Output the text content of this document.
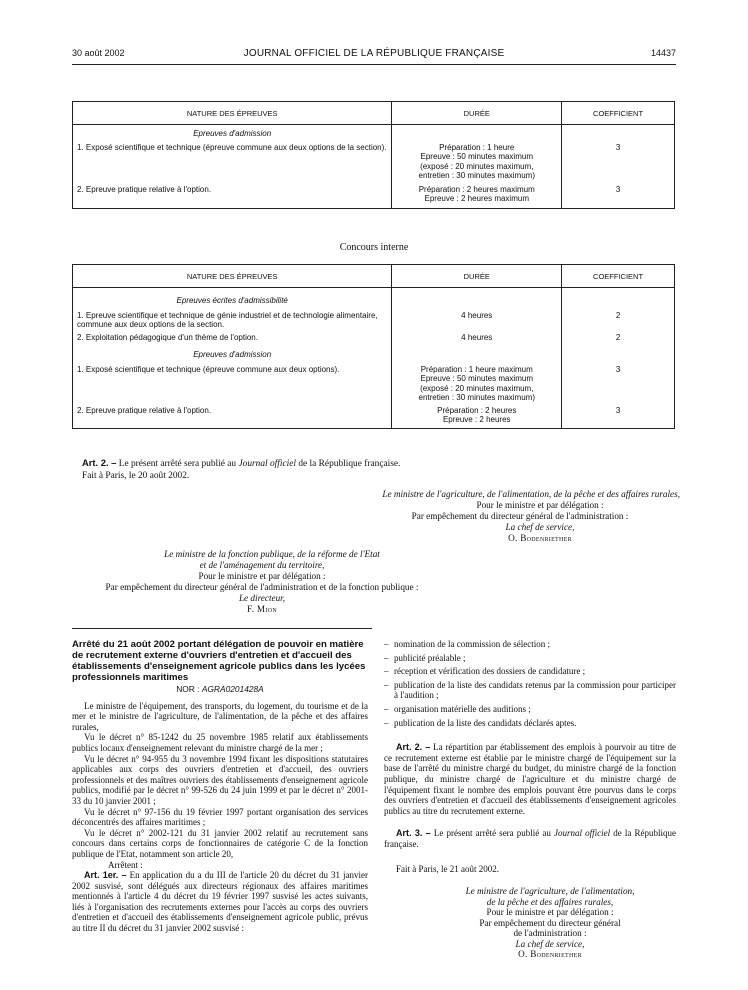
30 août 2002	JOURNAL OFFICIEL DE LA RÉPUBLIQUE FRANÇAISE	14437
NATURE DES ÉPREUVES	DURÉE	COEFFICIENT
Epreuves d'admission		
1. Exposé scientifique et technique (épreuve commune aux deux options de la section).	Préparation : 1 heure
Epreuve : 50 minutes maximum
(exposé : 20 minutes maximum,
entretien : 30 minutes maximum)	3
2. Epreuve pratique relative à l'option.	Préparation : 2 heures maximum
Epreuve : 2 heures maximum	3
Concours interne
NATURE DES ÉPREUVES	DURÉE	COEFFICIENT
Epreuves écrites d'admissibilité		
1. Epreuve scientifique et technique de génie industriel et de technologie alimentaire, commune aux deux options de la section.	4 heures	2
2. Exploitation pédagogique d'un thème de l'option.	4 heures	2
Epreuves d'admission		
1. Exposé scientifique et technique (épreuve commune aux deux options).	Préparation : 1 heure maximum
Epreuve : 50 minutes maximum
(exposé : 20 minutes maximum,
entretien : 30 minutes maximum)	3
2. Epreuve pratique relative à l'option.	Préparation : 2 heures
Epreuve : 2 heures	3
Art. 2. – Le présent arrêté sera publié au Journal officiel de la République française.
Fait à Paris, le 20 août 2002.
Le ministre de l'agriculture, de l'alimentation, de la pêche et des affaires rurales,
Pour le ministre et par délégation :
Par empêchement du directeur général de l'administration :
La chef de service,
O. Bodenriether
Le ministre de la fonction publique, de la réforme de l'Etat
et de l'aménagement du territoire,
Pour le ministre et par délégation :
Par empêchement du directeur général de l'administration et de la fonction publique :
Le directeur,
F. Mion

Arrêté du 21 août 2002 portant délégation de pouvoir en matière de recrutement externe d'ouvriers d'entretien et d'accueil des établissements d'enseignement agricole publics dans les lycées professionnels maritimes

NOR : AGRA0201428A

Le ministre de l'équipement, des transports, du logement, du tourisme et de la mer et le ministre de l'agriculture, de l'alimentation, de la pêche et des affaires rurales,

Vu le décret n° 85-1242 du 25 novembre 1985 relatif aux établissements publics locaux d'enseignement relevant du ministre chargé de la mer ;

Vu le décret n° 94-955 du 3 novembre 1994 fixant les dispositions statutaires applicables aux corps des ouvriers d'entretien et d'accueil, des ouvriers professionnels et des maîtres ouvriers des établissements d'enseignement agricole publics, modifié par le décret n° 99-526 du 24 juin 1999 et par le décret n° 2001-33 du 10 janvier 2001 ;

Vu le décret n° 97-156 du 19 février 1997 portant organisation des services déconcentrés des affaires maritimes ;

Vu le décret n° 2002-121 du 31 janvier 2002 relatif au recrutement sans concours dans certains corps de fonctionnaires de catégorie C de la fonction publique de l'Etat, notamment son article 20,

Arrêtent :

Art. 1er. – En application du a du III de l'article 20 du décret du 31 janvier 2002 susvisé, sont délégués aux directeurs régionaux des affaires maritimes mentionnés à l'article 4 du décret du 19 février 1997 susvisé les actes suivants, liés à l'organisation des recrutements externes pour l'accès au corps des ouvriers d'entretien et d'accueil des établissements d'enseignement agricole public, prévus au titre II du décret du 31 janvier 2002 susvisé :

– nomination de la commission de sélection ;
– publicité préalable ;
– réception et vérification des dossiers de candidature ;
– publication de la liste des candidats retenus par la commission pour participer à l'audition ;
– organisation matérielle des auditions ;
– publication de la liste des candidats déclarés aptes.

Art. 2. – La répartition par établissement des emplois à pourvoir au titre de ce recrutement externe est établie par le ministre chargé de l'équipement sur la base de l'arrêté du ministre chargé du budget, du ministre chargé de la fonction publique, du ministre chargé de l'agriculture et du ministre chargé de l'équipement fixant le nombre des emplois pouvant être pourvus dans le corps des ouvriers d'entretien et d'accueil des établissements d'enseignement agricoles publics au titre du recrutement externe.

Art. 3. – Le présent arrêté sera publié au Journal officiel de la République française.

Fait à Paris, le 21 août 2002.

Le ministre de l'agriculture, de l'alimentation,
de la pêche et des affaires rurales,
Pour le ministre et par délégation :
Par empêchement du directeur général
de l'administration :
La chef de service,
O. Bodenriether
